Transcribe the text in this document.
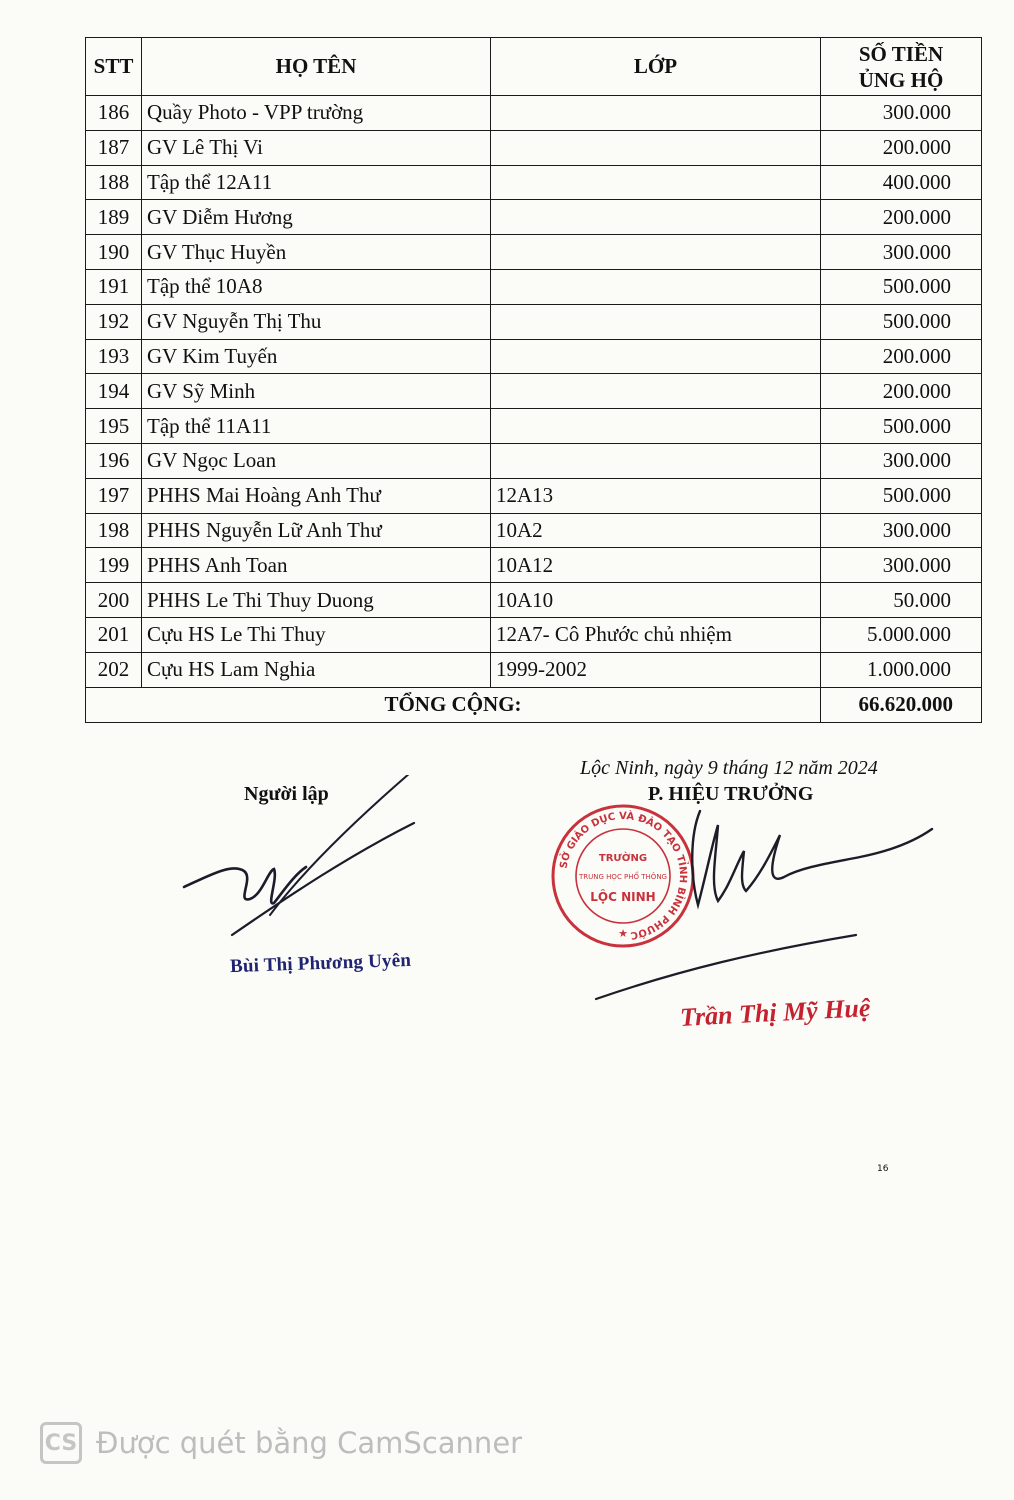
STT	HỌ TÊN	LỚP	SỐ TIỀN
ỦNG HỘ

186	Quầy Photo - VPP trường		300.000
187	GV Lê Thị Vi		200.000
188	Tập thể 12A11		400.000
189	GV Diễm Hương		200.000
190	GV Thục Huyền		300.000
191	Tập thể 10A8		500.000
192	GV Nguyễn Thị Thu		500.000
193	GV Kim Tuyến		200.000
194	GV Sỹ Minh		200.000
195	Tập thể 11A11		500.000
196	GV Ngọc Loan		300.000
197	PHHS Mai Hoàng Anh Thư	12A13	500.000
198	PHHS Nguyễn Lữ Anh Thư	10A2	300.000
199	PHHS Anh Toan	10A12	300.000
200	PHHS Le Thi Thuy Duong	10A10	50.000
201	Cựu HS Le Thi Thuy	12A7- Cô Phước chủ nhiệm	5.000.000
202	Cựu HS Lam Nghia	1999-2002	1.000.000
TỔNG CỘNG:			66.620.000
Người lập
Bùi Thị Phương Uyên
Lộc Ninh, ngày 9 tháng 12 năm 2024
P. HIỆU TRƯỞNG
SỞ GIÁO DỤC VÀ ĐÀO TẠO TỈNH BÌNH PHƯỚC
TRƯỜNG
TRUNG HỌC PHỔ THÔNG
LỘC NINH
★
Trần Thị Mỹ Huệ
16
CS Được quét bằng CamScanner
